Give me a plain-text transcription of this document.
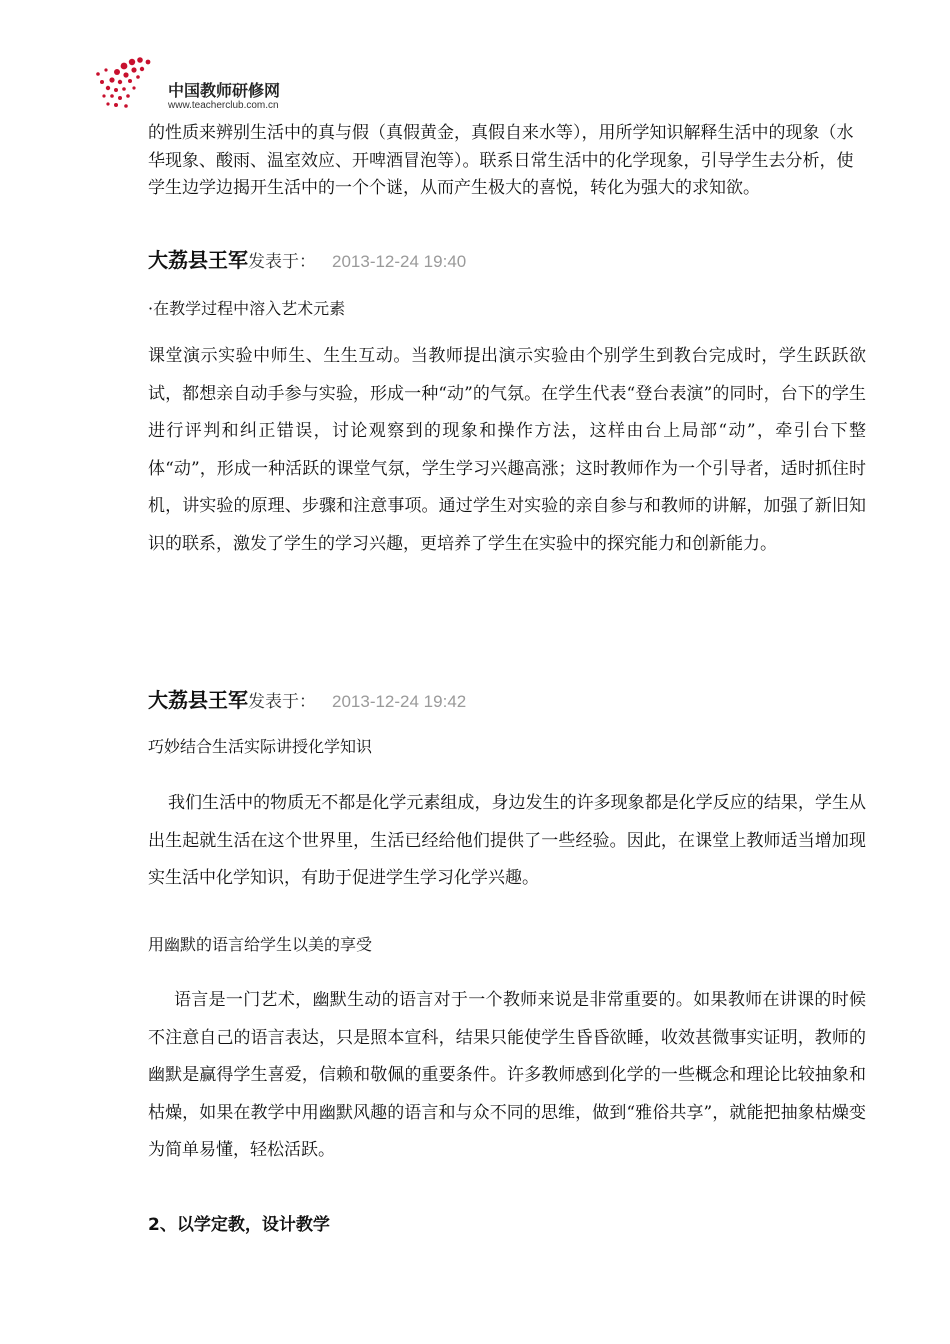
中国教师研修网
www.teacherclub.com.cn

的性质来辨别生活中的真与假（真假黄金，真假自来水等），用所学知识解释生活中的现象（水华现象、酸雨、温室效应、开啤酒冒泡等）。联系日常生活中的化学现象，引导学生去分析，使学生边学边揭开生活中的一个个谜，从而产生极大的喜悦，转化为强大的求知欲。

大荔县王军发表于： 2013-12-24 19:40
·在教学过程中溶入艺术元素

课堂演示实验中师生、生生互动。当教师提出演示实验由个别学生到教台完成时，学生跃跃欲试，都想亲自动手参与实验，形成一种“动”的气氛。在学生代表“登台表演”的同时，台下的学生进行评判和纠正错误，讨论观察到的现象和操作方法，这样由台上局部“动”，牵引台下整体“动”，形成一种活跃的课堂气氛，学生学习兴趣高涨；这时教师作为一个引导者，适时抓住时机，讲实验的原理、步骤和注意事项。通过学生对实验的亲自参与和教师的讲解，加强了新旧知识的联系，激发了学生的学习兴趣，更培养了学生在实验中的探究能力和创新能力。

大荔县王军发表于： 2013-12-24 19:42
巧妙结合生活实际讲授化学知识

我们生活中的物质无不都是化学元素组成，身边发生的许多现象都是化学反应的结果，学生从出生起就生活在这个世界里，生活已经给他们提供了一些经验。因此，在课堂上教师适当增加现实生活中化学知识，有助于促进学生学习化学兴趣。

用幽默的语言给学生以美的享受

语言是一门艺术，幽默生动的语言对于一个教师来说是非常重要的。如果教师在讲课的时候不注意自己的语言表达，只是照本宣科，结果只能使学生昏昏欲睡，收效甚微事实证明，教师的幽默是赢得学生喜爱，信赖和敬佩的重要条件。许多教师感到化学的一些概念和理论比较抽象和枯燥，如果在教学中用幽默风趣的语言和与众不同的思维，做到“雅俗共享”，就能把抽象枯燥变为简单易懂，轻松活跃。

2、以学定教，设计教学
